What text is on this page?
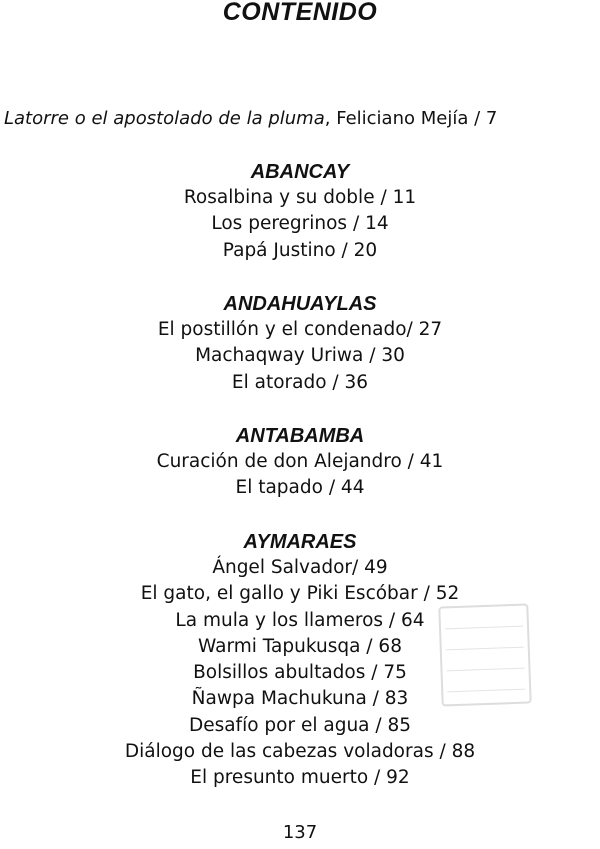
CONTENIDO
Latorre o el apostolado de la pluma, Feliciano Mejía / 7
ABANCAY
Rosalbina y su doble / 11
Los peregrinos / 14
Papá Justino / 20
ANDAHUAYLAS
El postillón y el condenado/ 27
Machaqway Uriwa / 30
El atorado / 36
ANTABAMBA
Curación de don Alejandro / 41
El tapado / 44
AYMARAES
Ángel Salvador/ 49
El gato, el gallo y Piki Escóbar / 52
La mula y los llameros / 64
Warmi Tapukusqa / 68
Bolsillos abultados / 75
Ñawpa Machukuna / 83
Desafío por el agua / 85
Diálogo de las cabezas voladoras / 88
El presunto muerto / 92
137
